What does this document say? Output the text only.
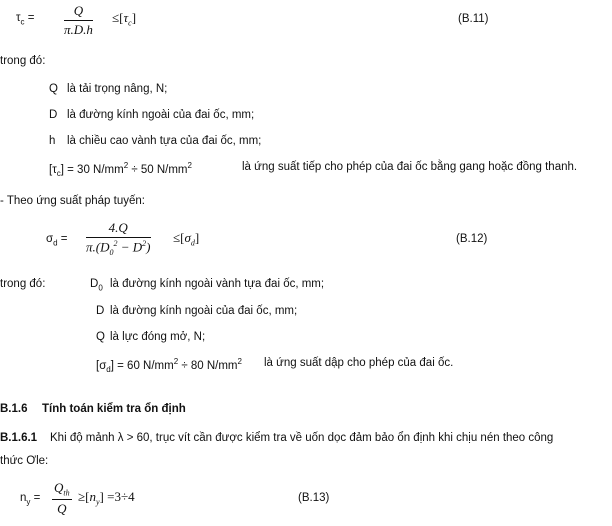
$\tau_c = \frac{Q}{\pi.D.h} \le[\tau_c]$	(B.11)
trong đó:
Q là tải trọng nâng, N;
D là đường kính ngoài của đai ốc, mm;
h là chiều cao vành tựa của đai ốc, mm;
$[\tau_c] = 30$ $N/mm^2 \div 50$ $N/mm^2$	là ứng suất tiếp cho phép của đai ốc bằng gang hoặc đồng thanh.
- Theo ứng suất pháp tuyến:
$\sigma_d = \frac{4.Q}{\pi.(D_0^2 - D^2)} \le[\sigma_d]$	(B.12)
trong đó:	$D_0$ là đường kính ngoài vành tựa đai ốc, mm;
D là đường kính ngoài của đai ốc, mm;
Q là lực đóng mở, N;
$[\sigma_d] = 60$ $N/mm^2 \div 80$ $N/mm^2$ là ứng suất dập cho phép của đai ốc.
B.1.6 Tính toán kiểm tra ổn định
B.1.6.1 Khi độ mảnh λ > 60, trục vít cần được kiểm tra về uốn dọc đảm bảo ổn định khi chịu nén theo công
thức Ơle:
$n_y$ =
$Q_{th}$
Q
$\ge[n_y] =3\div 4$	(B.13)
